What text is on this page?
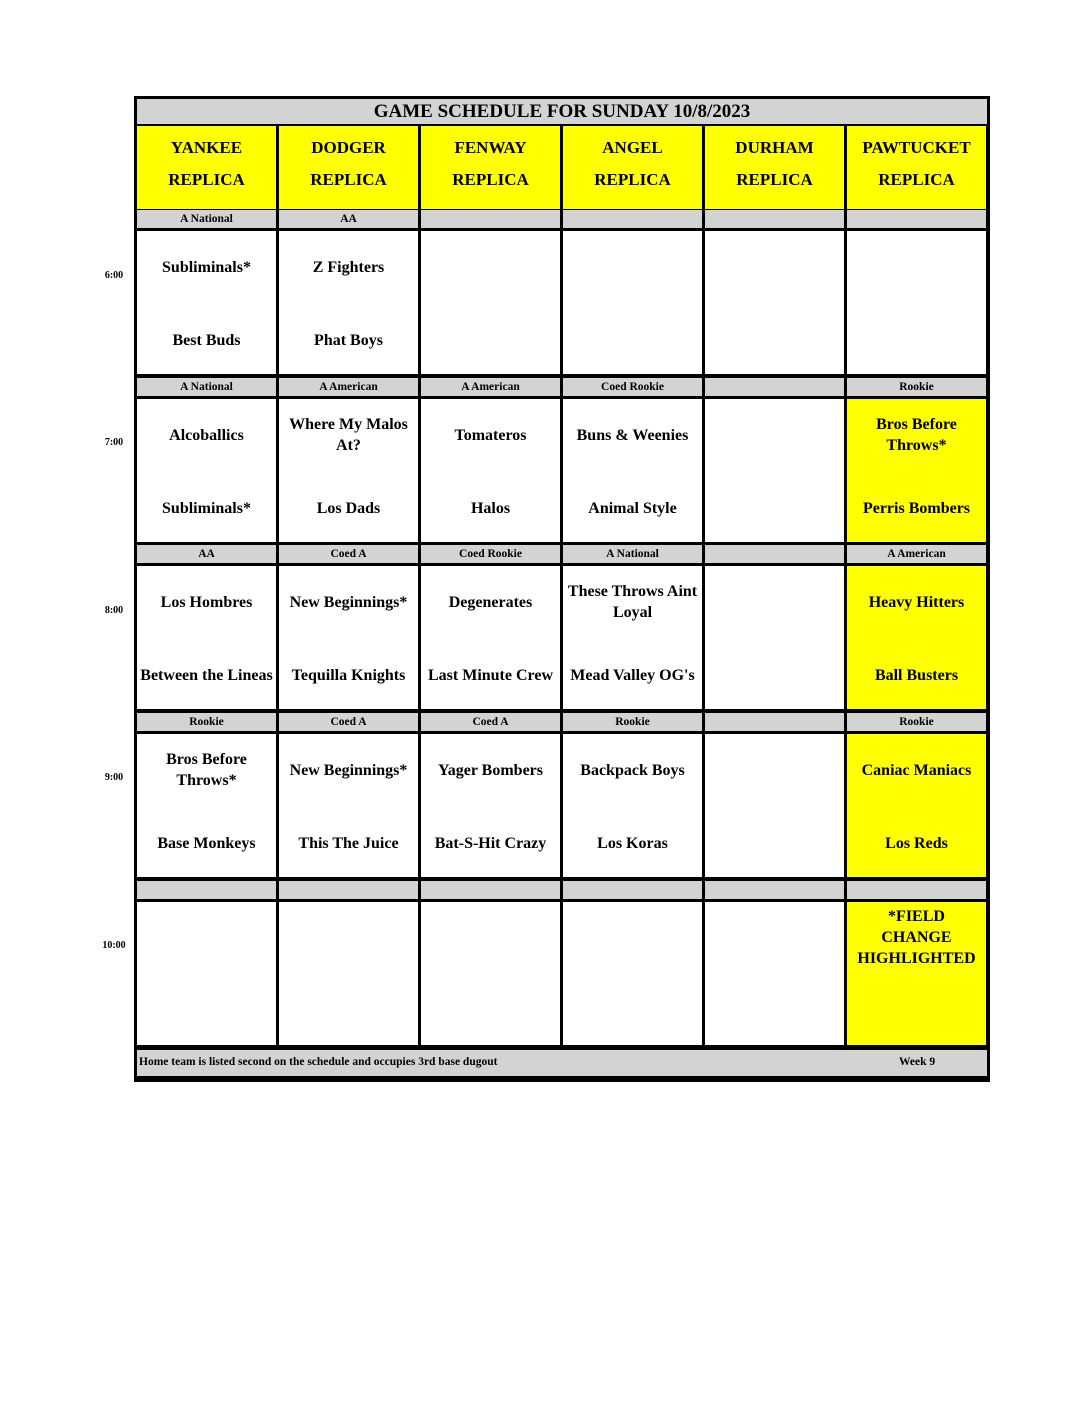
6:00
7:00
8:00
9:00
10:00
GAME SCHEDULE FOR SUNDAY 10/8/2023
YANKEE
REPLICA
DODGER
REPLICA
FENWAY
REPLICA
ANGEL
REPLICA
DURHAM
REPLICA
PAWTUCKET
REPLICA
A National
Subliminals*
Best Buds
AA
Z Fighters
Phat Boys
A National
Alcoballics
Subliminals*
A American
Where My Malos At?
Los Dads
A American
Tomateros
Halos
Coed Rookie
Buns & Weenies
Animal Style
Rookie
Bros Before Throws*
Perris Bombers
AA
Los Hombres
Between the Lineas
Coed A
New Beginnings*
Tequilla Knights
Coed Rookie
Degenerates
Last Minute Crew
A National
These Throws Aint Loyal
Mead Valley OG's
A American
Heavy Hitters
Ball Busters
Rookie
Bros Before Throws*
Base Monkeys
Coed A
New Beginnings*
This The Juice
Coed A
Yager Bombers
Bat-S-Hit Crazy
Rookie
Backpack Boys
Los Koras
Rookie
Caniac Maniacs
Los Reds
*FIELD CHANGE HIGHLIGHTED
Home team is listed second on the schedule and occupies 3rd base dugout	Week 9
